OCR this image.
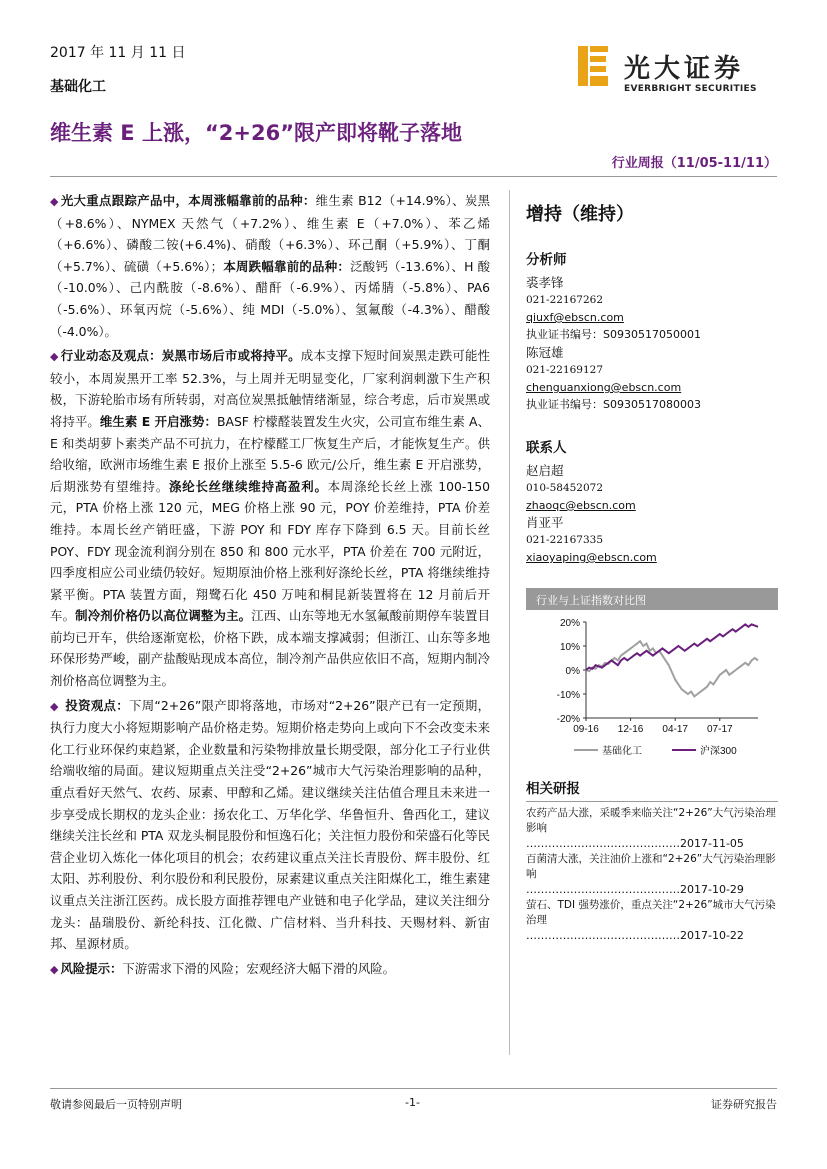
2017 年 11 月 11 日
基础化工
光大证券
EVERBRIGHT SECURITIES
维生素 E 上涨，“2+26”限产即将靴子落地
行业周报（11/05-11/11）

◆ 光大重点跟踪产品中，本周涨幅靠前的品种：维生素 B12（+14.9%）、炭黑（+8.6%）、NYMEX 天然气（+7.2%）、维生素 E（+7.0%）、苯乙烯（+6.6%）、磷酸二铵(+6.4%)、硝酸（+6.3%）、环己酮（+5.9%）、丁酮（+5.7%）、硫磺（+5.6%）；本周跌幅靠前的品种：泛酸钙（-13.6%）、H 酸（-10.0%）、己内酰胺（-8.6%）、醋酐（-6.9%）、丙烯腈（-5.8%）、PA6（-5.6%）、环氧丙烷（-5.6%）、纯 MDI（-5.0%）、氢氟酸（-4.3%）、醋酸（-4.0%）。

◆ 行业动态及观点：炭黑市场后市或将持平。成本支撑下短时间炭黑走跌可能性较小，本周炭黑开工率 52.3%，与上周并无明显变化，厂家利润刺激下生产积极，下游轮胎市场有所转弱，对高位炭黑抵触情绪渐显，综合考虑，后市炭黑或将持平。维生素 E 开启涨势：BASF 柠檬醛装置发生火灾，公司宣布维生素 A、E 和类胡萝卜素类产品不可抗力，在柠檬醛工厂恢复生产后，才能恢复生产。供给收缩，欧洲市场维生素 E 报价上涨至 5.5-6 欧元/公斤，维生素 E 开启涨势，后期涨势有望维持。涤纶长丝继续维持高盈利。本周涤纶长丝上涨 100-150 元，PTA 价格上涨 120 元，MEG 价格上涨 90 元，POY 价差维持，PTA 价差维持。本周长丝产销旺盛，下游 POY 和 FDY 库存下降到 6.5 天。目前长丝 POY、FDY 现金流利润分别在 850 和 800 元水平，PTA 价差在 700 元附近，四季度相应公司业绩仍较好。短期原油价格上涨利好涤纶长丝，PTA 将继续维持紧平衡。PTA 装置方面，翔鹭石化 450 万吨和桐昆新装置将在 12 月前后开车。制冷剂价格仍以高位调整为主。江西、山东等地无水氢氟酸前期停车装置目前均已开车，供给逐渐宽松，价格下跌，成本端支撑减弱；但浙江、山东等多地环保形势严峻，副产盐酸贴现成本高位，制冷剂产品供应依旧不高，短期内制冷剂价格高位调整为主。

◆ 投资观点：下周“2+26”限产即将落地，市场对“2+26”限产已有一定预期，执行力度大小将短期影响产品价格走势。短期价格走势向上或向下不会改变未来化工行业环保约束趋紧，企业数量和污染物排放量长期受限，部分化工子行业供给端收缩的局面。建议短期重点关注受“2+26”城市大气污染治理影响的品种，重点看好天然气、农药、尿素、甲醇和乙烯。建议继续关注估值合理且未来进一步享受成长期权的龙头企业：扬农化工、万华化学、华鲁恒升、鲁西化工，建议继续关注长丝和 PTA 双龙头桐昆股份和恒逸石化；关注恒力股份和荣盛石化等民营企业切入炼化一体化项目的机会；农药建议重点关注长青股份、辉丰股份、红太阳、苏利股份、利尔股份和利民股份，尿素建议重点关注阳煤化工，维生素建议重点关注浙江医药。成长股方面推荐锂电产业链和电子化学品，建议关注细分龙头：晶瑞股份、新纶科技、江化微、广信材料、当升科技、天赐材料、新宙邦、星源材质。

◆ 风险提示：下游需求下滑的风险；宏观经济大幅下滑的风险。

增持（维持）
分析师
裘孝锋
021-22167262
qiuxf@ebscn.com
执业证书编号：S0930517050001
陈冠雄
021-22169127
chenguanxiong@ebscn.com
执业证书编号：S0930517080003
联系人
赵启超
010-58452072
zhaoqc@ebscn.com
肖亚平
021-22167335
xiaoyaping@ebscn.com
行业与上证指数对比图
-20%
-10%
0%
10%
20%
09-16 12-16 04-17 07-17
基础化工	沪深300
相关研报
农药产品大涨，采暖季来临关注“2+26”大气污染治理影响
……………………………………2017-11-05
百菌清大涨，关注油价上涨和“2+26”大气污染治理影响
……………………………………2017-10-29
萤石、TDI 强势涨价，重点关注“2+26”城市大气污染治理
……………………………………2017-10-22
敬请参阅最后一页特别声明	-1-	证券研究报告
